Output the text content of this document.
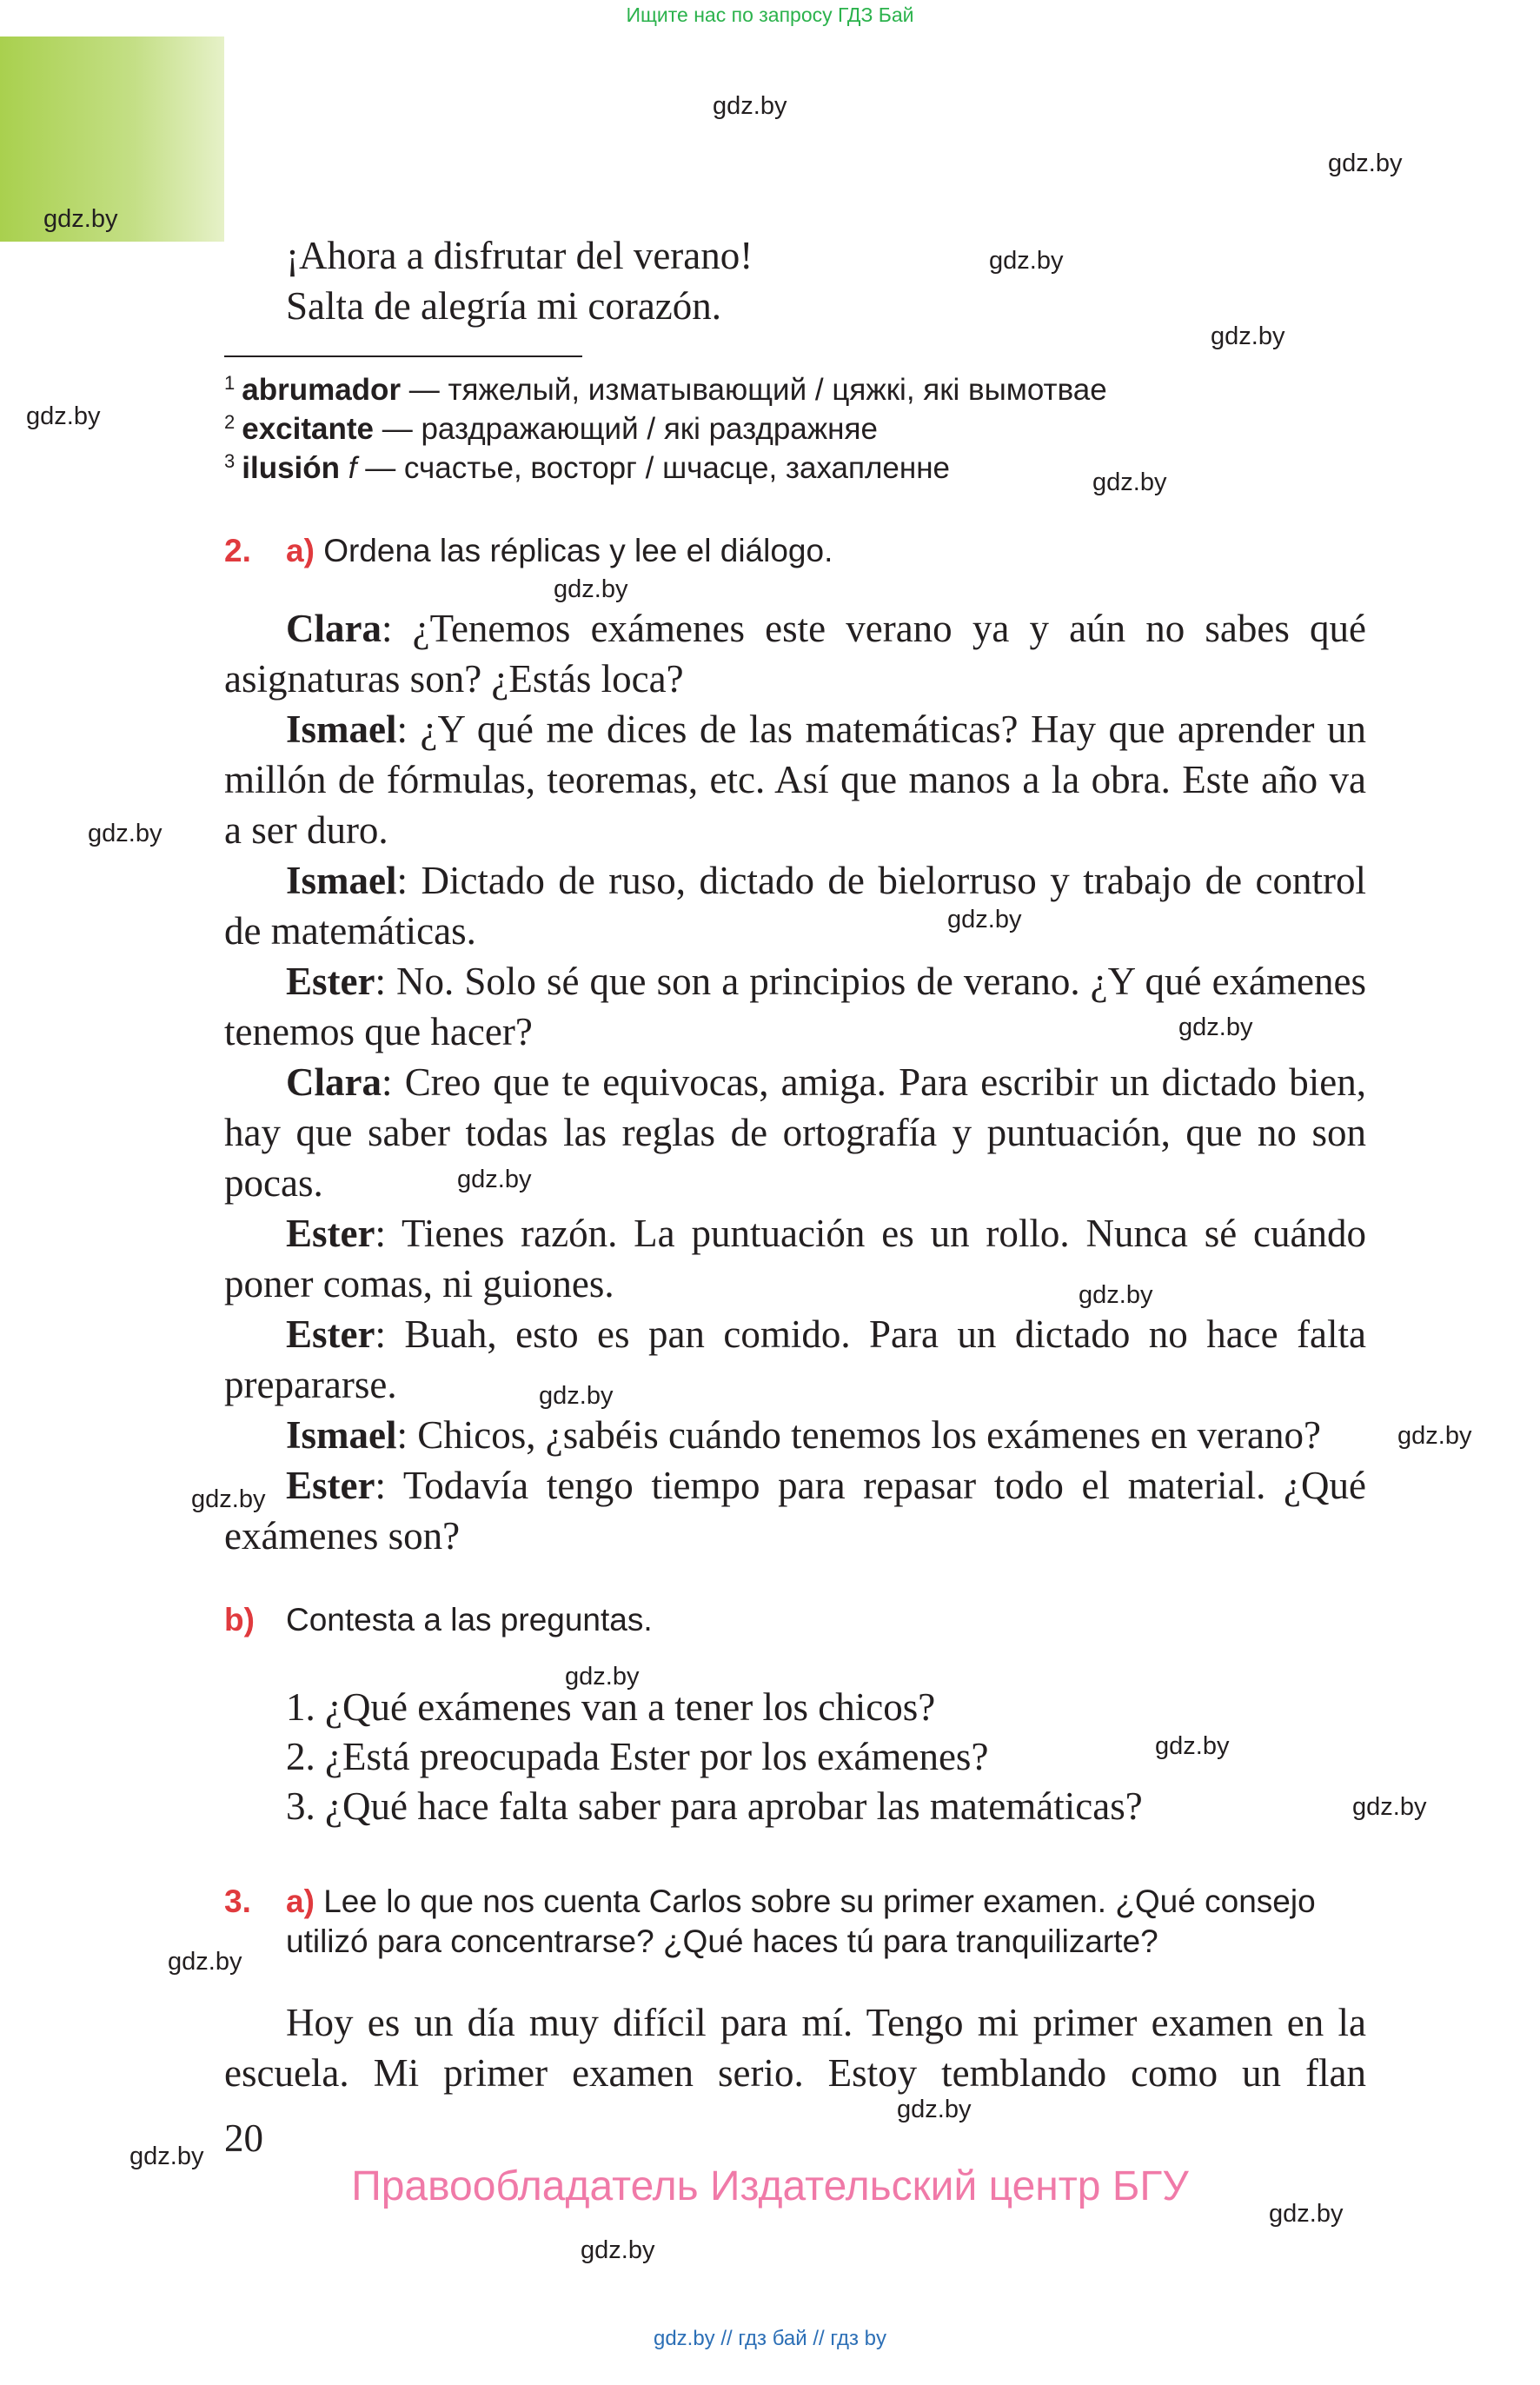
Ищите нас по запросу ГДЗ Бай
gdz.by
gdz.by
gdz.by
gdz.by
gdz.by
gdz.by
gdz.by
gdz.by
gdz.by
gdz.by
gdz.by
gdz.by
gdz.by
gdz.by
gdz.by
gdz.by
gdz.by
gdz.by
gdz.by
gdz.by
gdz.by
gdz.by
gdz.by
gdz.by
¡Ahora a disfrutar del verano!
Salta de alegría mi corazón.
$^1$ abrumador — тяжелый, изматывающий / цяжкі, які вымотвае
$^2$ excitante — раздражающий / які раздражняе
$^3$ ilusión f — счастье, восторг / шчасце, захапленне
2. a) Ordena las réplicas y lee el diálogo.

Clara: ¿Tenemos exámenes este verano ya y aún no sabes qué asignaturas son? ¿Estás loca?

Ismael: ¿Y qué me dices de las matemáticas? Hay que aprender un millón de fórmulas, teoremas, etc. Así que manos a la obra. Este año va a ser duro.

Ismael: Dictado de ruso, dictado de bielorruso y trabajo de control de matemáticas.

Ester: No. Solo sé que son a principios de verano. ¿Y qué exámenes tenemos que hacer?

Clara: Creo que te equivocas, amiga. Para escribir un dictado bien, hay que saber todas las reglas de ortografía y puntuación, que no son pocas.

Ester: Tienes razón. La puntuación es un rollo. Nunca sé cuándo poner comas, ni guiones.

Ester: Buah, esto es pan comido. Para un dictado no hace falta prepararse.

Ismael: Chicos, ¿sabéis cuándo tenemos los exámenes en verano?

Ester: Todavía tengo tiempo para repasar todo el material. ¿Qué exámenes son?

b) Contesta a las preguntas.
1. ¿Qué exámenes van a tener los chicos?
2. ¿Está preocupada Ester por los exámenes?
3. ¿Qué hace falta saber para aprobar las matemáticas?
3. a) Lee lo que nos cuenta Carlos sobre su primer examen. ¿Qué consejo
utilizó para concentrarse? ¿Qué haces tú para tranquilizarte?

Hoy es un día muy difícil para mí. Tengo mi primer examen en la escuela. Mi primer examen serio. Estoy temblando como un flan

20
Правообладатель Издательский центр БГУ
gdz.by // гдз бай // гдз by
